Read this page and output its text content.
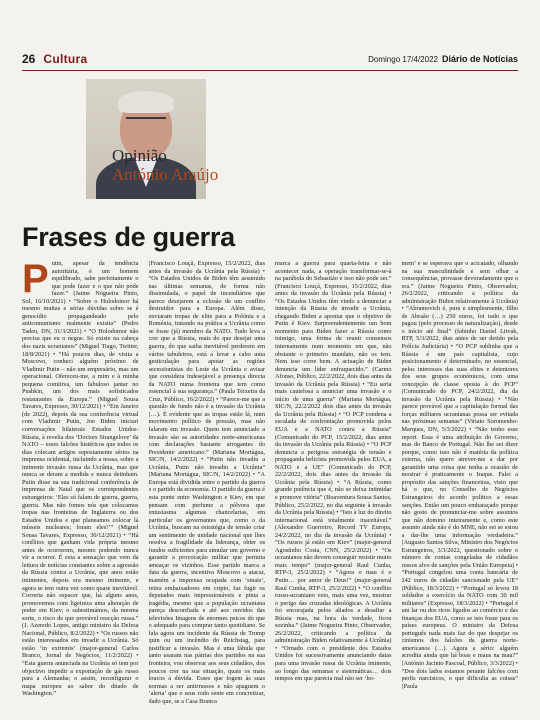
26 Cultura	Domingo 17/4/2022 Diário de Notícias

Opinião

António Araújo

Frases de guerra

Putin, apesar da tendência autoritária, é um homem equilibrado, sabe perfeitamente o que pode fazer e o que não pode fazer.” (Jaime Nogueira Pinto, Sol, 16/10/2021) • “Sobre o Holodomor há mesmo muitas e sérias dúvidas sobre se é genocídio propagandeado pelo anticomunismo realmente existia” (Pedro Tadeu, DN, 31/3/2021) • “O Holodomor não precisa que eu o negue. Só existe na cabeça dos nazis ucranianos” (Miguel Tiago, Twitter, 18/8/2021) • “Há poucos dias, de visita a Moscovo, conheci alguém próximo de Vladimir Putin – não um empresário, mas um operacional. Ofereceu-me, a mim e à minha pequena comitiva, um fabuloso jantar no Pushkin, um dos mais sofisticados restaurantes da Europa.” (Miguel Sousa Tavares, Expresso, 30/12/2021) • “Em Janeiro (de 2022), depois da sua conferência virtual com Vladimir Putin, Joe Biden iniciari conversações bilaterais Estados Unidos-Rússia, à revelia dos ‘Doctors Strangelove’ da NATO – esses falcões histéricos que todos os dias colecam artigos supostamente sérios na imprensa ocidental, incluindo a nossa, sobre a iminente invasão russa da Ucrânia, mas que nunca se deram a medida e nunca detinham. Putin disse na sua tradicional conferência de imprensa de Natal que os correspondentes estrangeiros: ‘Eles só falam de guerra, guerra, guerra. Mas não fomos nós que colocamos tropas nas fronteiras de Inglaterra ou dos Estados Unidos e que planeamos colocar lá mísseis nucleares; foram eles!’” (Miguel Sousa Tavares, Expresso, 30/12/2021) • “Há conflitos que ganham vida própria mesmo antes de ocorrerem, mesmo podendo nunca vir a ocorrer. É esta a sensação que vem da leitura de notícias constantes sobre a agressão da Rússia contra a Ucrânia, que anos estão iminentes, depois era mesmo iminente, e agora se tem outra vez como quase inevitável. Correria não espacer que, há alguns anos, promovemos com ligeireza uma alteração de poder em Kiev; o subestimámos, da mesma sorte, o risco de que provável reacção russa.” (J. Azeredo Lopes, antigo ministro da Defesa Nacional, Público, 8/2/2022) • “Os russos não estão interessados em invadir a Ucrânia. Só estão ‘in extremis’ (major-general Carlos Branco, Jornal de Negócios, 11/2/2022) • “Esta guerra anunciada na Ucrânia só tem por objectivo impedir a exportação de gás russo para a Alemanha; o assim, reconfigurar o mapa europeu ao sabor do ditado de Washington.”

(Francisco Louçã, Expresso, 15/2/2022, dias antes da invasão da Ucrânia pela Rússia) • “Os Estados Unidos de Biden têm assumido nas últimas semanas, de forma não dissimulada, o papel de incendiários que parece desejarem a eclosão de um conflito destruidor para a Europa. Além disso, enviaram tropas de elite para a Polónia e a Roménia, tratando na prática a Ucrânia como se fosse (já) membro da NATO. Tudo leva a crer que a Rússia, mais do que desejar uma guerra, do que saiba inevitável perderem em vários tabuleiros, está a levar a cabo uma gesticulação para apoiar as regiões secessionistas do Leste da Ucrânia e avisar que considera indesejável a presença directa da NATO numa fronteira que tem como essencial à sua segurança.” (Paula Teixeira da Cruz, Público, 16/2/2022) • “Parece-me que a questão de fundo não é a invasão da Ucrânia (…). É evidente que as tropas estão lá, num movimento político de pressão, mas não falaram em invasão. Quem tem anunciado a invasão são as autoridades norte-americanas com declarações bastante arrogantes do Presidente americano.” (Mariana Mortágua, SIC/N, 14/2/2022) • “Putin não invadiu a Ucrânia, Putin não invadiu a Ucrânia” (Mariana Mortágua, SIC/N, 14/2/2022) • “A Europa está dividida entre o partido da guerra e o partido da economia. O partido da guerra é esta ponte entre Washington e Kiev, em que pensam com perfume a pólvora que entusiasma algumas chancelarias, em particular os governantes que, como o da Ucrânia, buscam na estratégia de tensão criar um sentimento de unidade nacional que lhes resolva a fragilidade da liderança, obter os fundos suficientes para simular um governo e garantir a provocação militar que permita ameaçar os vizinhos. Esse partido marca a data da guerra, incentiva Moscovo a atacar, mantém a imprensa ocupada com ‘sinais’, retira embaixadores em cripto, faz fugir os deputados mais impressionáveis e pinta a tragédia, mesmo que a população ucraniana pareça desconfiada e até aos ouvidos das televisões Imagens de enormes psicos do que o adequado para comprar tanto quotidiano. Se fala agora um incidente da Rússia de Trump quin ou um incêndio do Reichstag, para justificar a invasão. Mas é uma fábula que tanto usaram nas pátrias dos partidos na sua fronteira, vou observar aos seus cidadãos, dos poucos crer na sua situação, quais os mais loucos à dúvida. Esses que fogem às suas normas a ser antirrussos e não apaguem o ‘alerta’ que o seus rodo sente em concretizar, dado que, se a Casa Branca

marca a guerra para quarta-feira e não acontecer nada, a operação transformar-se-á na parábola do Sebastião e isso não pode ser.” (Francisco Louçã, Expresso, 15/2/2022, dias antes da invasão da Ucrânia pela Rússia) • “Os Estados Unidos têm vindo a denunciar a intenção da Rússia de invadir a Ucrânia, chegando Biden a apontar que o objetivo de Putin é Kiev. Surpreendentemente um bom momento para Biden fazer a Rússia como inimigo, uma forma de reunir consensos internamente num momento em que, não obstante o primeiro mandato, não os tem. Nem isso corre bem. A actuação de Biden denuncia um líder enfraquecido.” (Carmo Afonso, Público, 22/2/2022, dois dias antes da invasão da Ucrânia pela Rússia) • “Eu seria mais cautelosa a anunciar uma invasão e o início de uma guerra” (Mariana Mortágua, SIC/N, 22/2/2022 dois dias antes da invasão da Ucrânia pela Rússia) • “O PCP condena a escalada de confrontação promovida pelos EUA e a NATO contra a Rússia” (Comunicado do PCP, 15/2/2022, dias antes da invasão da Ucrânia pela Rússia) • “O PCP denuncia a perigosa estratégia de tensão e propaganda belicista promovida pelos EUA, a NATO e a UE” (Comunicado do PCP, 22/2/2022, dois dias antes da invasão da Ucrânia pela Rússia) • “A Rússia, como grande potência que é, não se deixa intimidar e promove vitória” (Boaventura Sousa Santos, Público, 25/2/2022, no dia seguinte à invasão da Ucrânia pela Rússia) • “Isto à luz do direito internacional está totalmente inaceitável.” (Alexandre Guerreiro, Record TV Europa, 24/2/2022, no dia da invasão da Ucrânia) • “Os russos já estão em Kiev” (major-general Agostinho Costa, CNN, 25/2/2022) • “Os ucranianos não devem conseguir resistir muito mais tempo” (major-general Raul Cunha, RTP-3, 25/2/2022) • “Agora o mau é o Putin… por amor de Deus!” (major-general Raul Cunha, RTP-3, 25/2/2022) • “O conflito russo-ucraniano veio, mais uma vez, mostrar o perigo das cruzadas ideológicas. A Ucrânia foi encorajada pelos aliados a desafiar a Rússia mas, na hora da verdade, ficou sozinha.” (Jaime Nogueira Pinto, Observador, 26/2/2022, criticando a política da administração Biden relativamente à Ucrânia) • “Ornado com o presidente dos Estados Unidos foi sucessivamente anunciando datas para uma invasão russa da Ucrânia iminente, ao longo das semanas e sistemáticas… dois tempos em que parecia mal não ser ‘ho-

mem’ e se esperava que o acicatado, olhando na sua masculinidade e sem olhar a consequências, provasse devoradamente que o era.” (Jaime Nogueira Pinto, Observador, 26/2/2022, criticando a política da administração Biden relativamente à Ucrânia) • “Abramovich é, pura e simplesmente, filho de Abraão (…) 250 euros, foi tudo o que pagou (pelo processo de naturalização), desde o início até final” (fabinho Daniel Litvak, RTP, 5/3/2022, dias antes de ser detido pela Polícia Judiciária) • “O PCP sublinha que a Rússia é um país capitalista, cujo posicionamento é determinado, no essencial, pelos interesses das suas elites e detentores dos seus grupos económicos, com uma concepção de classe oposta à do PCP” (Comunicado do PCP, 24/2/2022, dia da invasão da Ucrânia pela Rússia) • “Não parece provável que a capitulação formal das forças militares ucranianas possa ser evitada nas próximas semanas” (Viriato Soromenho-Marques, DN, 5/3/2022) • “Não tenho esse report. Essa é uma atribuição do Governo, mas do Banco de Portugal. Não lhe sei dizer porque, como isso não é matéria da política externa, não quero atrever-me a dar por garantido uma coisa que tenha a ocasião de mostrar é praticamente o Iraque. Falei a propósito das sanções financeiras, visto que há o que, no Conselho de Negócios Estrangeiros do acordo político a essas sanções. Então um pouco embaraçado porque não gosto de pronunciar-me sobre assuntos que não domino inteiramente e, como este assunto ainda não é do MNE, não sei se estou a dar-lhe uma informação verdadeira.” (Augusto Santos Silva, Ministro dos Negócios Estrangeiros, 3/3/2022, questionado sobre o número de contas congeladas de cidadãos russos alvo de sanções pela União Europeia) • “Portugal congelou uma conta bancária de 242 euros de cidadão sancionado pela UE” (Público, 18/3/2022) • “Portugal só levou 18 soldados a exercício da NATO com 30 mil militares” (Expresso, 18/3/2022) • “Portugal é um lar ou dos ricos ligados ao comércio e das finanças dos EUA, como se isto fosse para os países europeus. O ministro da Defesa português nada mais faz do que despejar os cinismos dos falcões da guerra norte-americanos (…). Agora a sério: alguém acredita ainda que há boas e maus na mau?” (António Jacinto Pascoal, Público, 3/3/2022) • “Dos dois lados estamos perante falcões com perfis narcisicos, o que dificulta as coisas” (Paula
